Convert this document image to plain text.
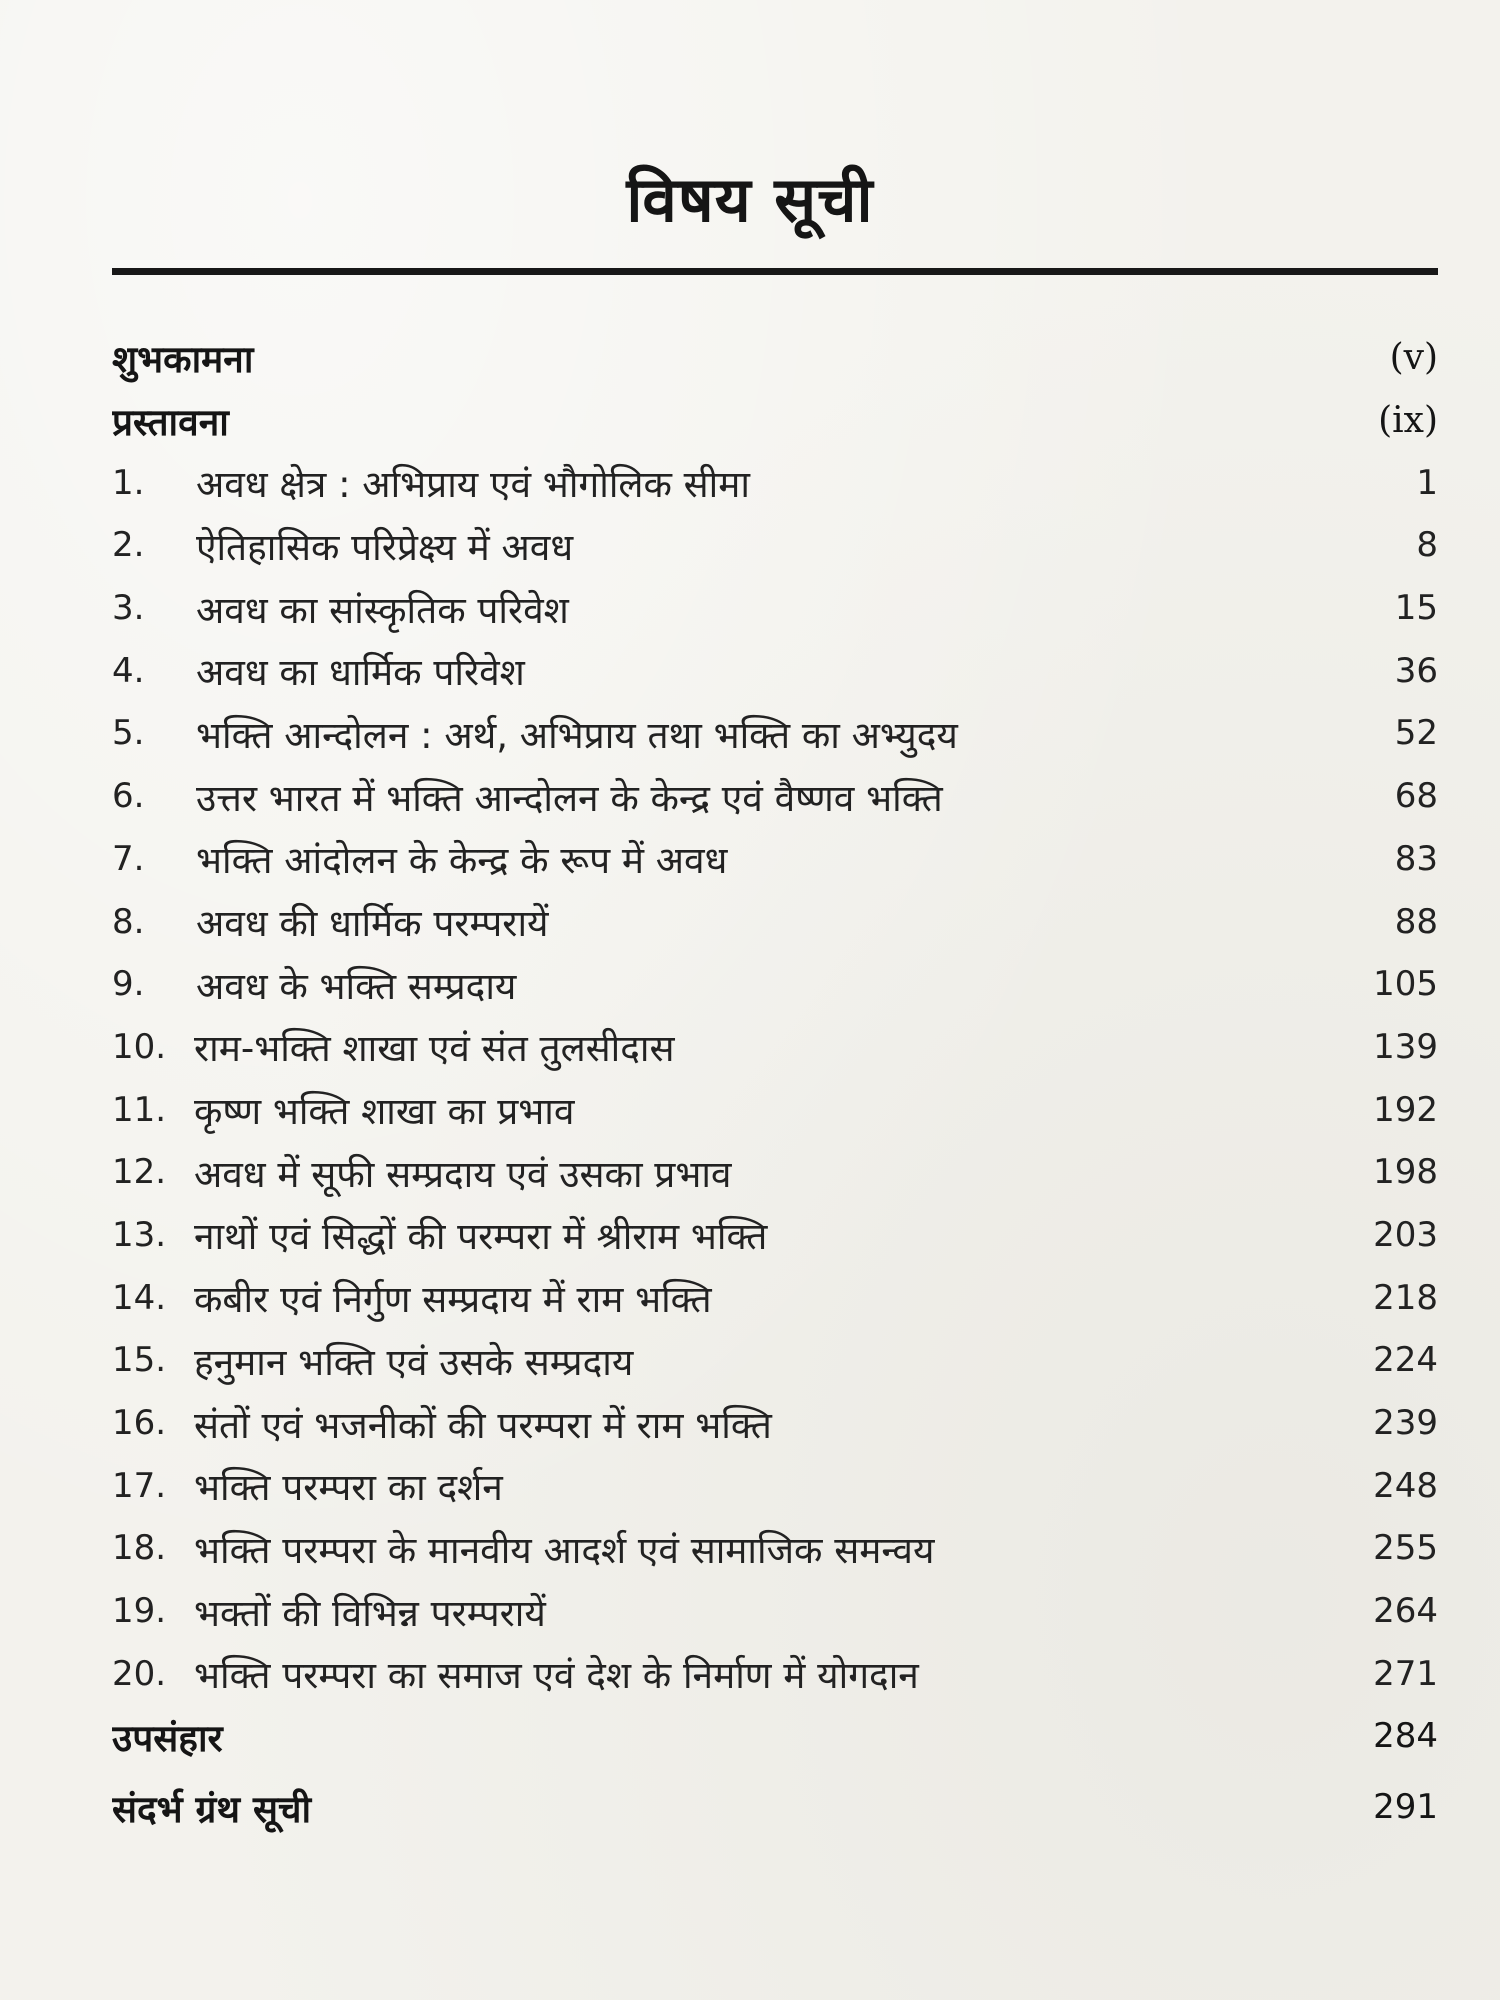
विषय सूची
शुभकामना	(v)
प्रस्तावना	(ix)
1.	अवध क्षेत्र : अभिप्राय एवं भौगोलिक सीमा	1
2.	ऐतिहासिक परिप्रेक्ष्य में अवध	8
3.	अवध का सांस्कृतिक परिवेश	15
4.	अवध का धार्मिक परिवेश	36
5.	भक्ति आन्दोलन : अर्थ, अभिप्राय तथा भक्ति का अभ्युदय	52
6.	उत्तर भारत में भक्ति आन्दोलन के केन्द्र एवं वैष्णव भक्ति	68
7.	भक्ति आंदोलन के केन्द्र के रूप में अवध	83
8.	अवध की धार्मिक परम्परायें	88
9.	अवध के भक्ति सम्प्रदाय	105
10. राम-भक्ति शाखा एवं संत तुलसीदास	139
11. कृष्ण भक्ति शाखा का प्रभाव	192
12. अवध में सूफी सम्प्रदाय एवं उसका प्रभाव	198
13. नाथों एवं सिद्धों की परम्परा में श्रीराम भक्ति	203
14. कबीर एवं निर्गुण सम्प्रदाय में राम भक्ति	218
15. हनुमान भक्ति एवं उसके सम्प्रदाय	224
16. संतों एवं भजनीकों की परम्परा में राम भक्ति	239
17. भक्ति परम्परा का दर्शन	248
18. भक्ति परम्परा के मानवीय आदर्श एवं सामाजिक समन्वय	255
19. भक्तों की विभिन्न परम्परायें	264
20. भक्ति परम्परा का समाज एवं देश के निर्माण में योगदान	271
उपसंहार	284
संदर्भ ग्रंथ सूची	291
